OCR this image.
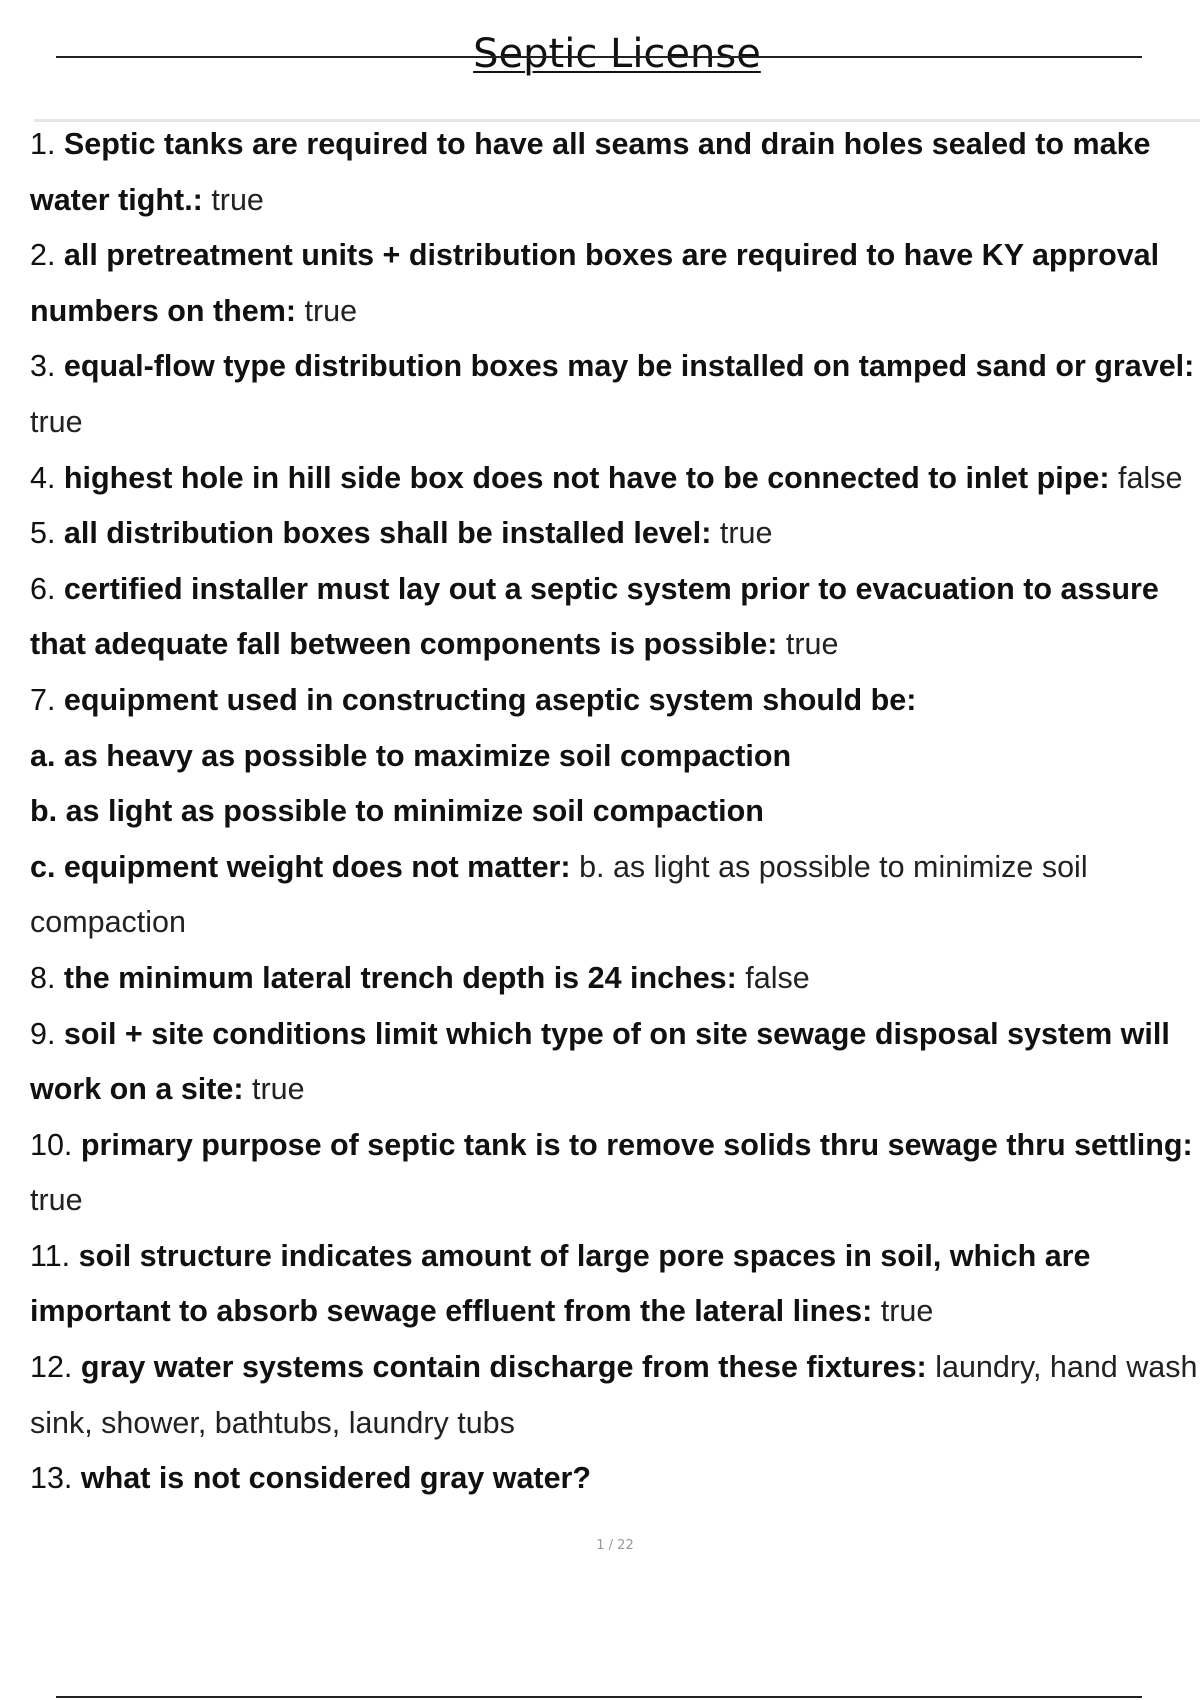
Septic License
1. Septic tanks are required to have all seams and drain holes sealed to make water tight.: true
2. all pretreatment units + distribution boxes are required to have KY approval numbers on them: true
3. equal-flow type distribution boxes may be installed on tamped sand or gravel: true
4. highest hole in hill side box does not have to be connected to inlet pipe: false
5. all distribution boxes shall be installed level: true
6. certified installer must lay out a septic system prior to evacuation to assure that adequate fall between components is possible: true
7. equipment used in constructing aseptic system should be:
a. as heavy as possible to maximize soil compaction
b. as light as possible to minimize soil compaction
c. equipment weight does not matter: b. as light as possible to minimize soil compaction
8. the minimum lateral trench depth is 24 inches: false
9. soil + site conditions limit which type of on site sewage disposal system will work on a site: true
10. primary purpose of septic tank is to remove solids thru sewage thru settling: true
11. soil structure indicates amount of large pore spaces in soil, which are important to absorb sewage effluent from the lateral lines: true
12. gray water systems contain discharge from these fixtures: laundry, hand wash sink, shower, bathtubs, laundry tubs
13. what is not considered gray water?
1 / 22
